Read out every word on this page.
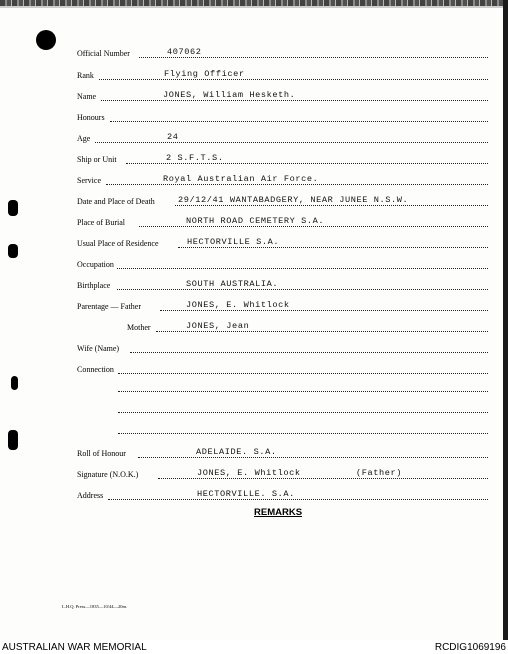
Official Number	407062
Rank	Flying Officer
Name	JONES, William Hesketh.
Honours
Age	24
Ship or Unit	2 S.F.T.S.
Service	Royal Australian Air Force.
Date and Place of Death	29/12/41 WANTABADGERY, NEAR JUNEE N.S.W.
Place of Burial	NORTH ROAD CEMETERY S.A.
Usual Place of Residence	HECTORVILLE S.A.
Occupation
Birthplace	SOUTH AUSTRALIA.
Parentage — Father	JONES, E. Whitlock
Mother	JONES, Jean
Wife (Name)
Connection
Roll of Honour	ADELAIDE. S.A.
Signature (N.O.K.)	JONES, E. Whitlock	(Father)
Address	HECTORVILLE. S.A.
REMARKS
L.H.Q. Press—1835—10/44—20m.
AUSTRALIAN WAR MEMORIAL	RCDIG1069196
